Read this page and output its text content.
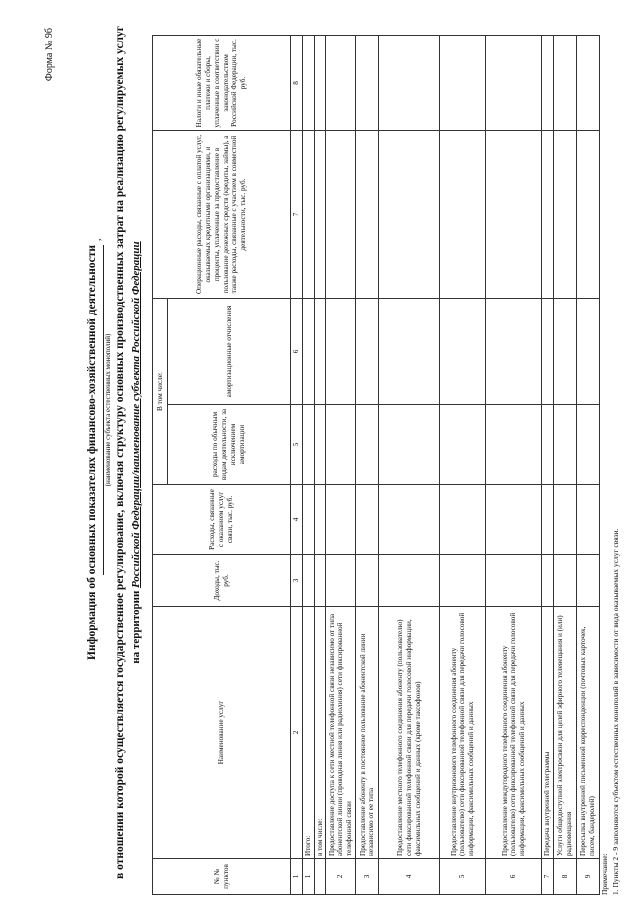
Форма № 9б
Информация об основных показателях финансово-хозяйственной деятельности
,
(наименование субъекта естественных монополий) в отношении которой осуществляется государственное регулирование, включая структуру основных производственных затрат на реализацию регулируемых услуг на территории Российской Федерации/наименование субъекта Российской Федерации
№ № пунктов	Наименование услуг	Доходы, тыс. руб.	Расходы, связанные с оказанием услуг связи, тыс. руб.	В том числе:		Операционные расходы, связанные с оплатой услуг, оказываемых кредитными организациями, и проценты, уплаченные за предоставление в пользование денежных средств (кредиты, займы), а также расходы, связанные с участием в совместной деятельности, тыс. руб.	Налоги и иные обязательные платежи и сборы, уплаченные в соответствии с законодательством Российской Федерации, тыс. руб.
				расходы по обычным видам деятельности, за исключением амортизации	амортизационные отчисления		
1	2	3	4	5	6	7	8
1	Итого:						
	в том числе:						
2	Предоставление доступа к сети местной телефонной связи независимо от типа абонентской линии (проводная линия или радиолиния) сети фиксированной телефонной связи						
3	Предоставление абоненту в постоянное пользование абонентской линии независимо от ее типа						
4	Предоставление местного телефонного соединения абоненту (пользователю) сети фиксированной телефонной связи для передачи голосовой информации, факсимильных сообщений и данных (кроме таксофонов)						
5	Предоставление внутризонового телефонного соединения абоненту (пользователю) сети фиксированной телефонной связи для передачи голосовой информации, факсимильных сообщений и данных						
6	Предоставление междугородного телефонного соединения абоненту (пользователю) сети фиксированной телефонной связи для передачи голосовой информации, факсимильных сообщений и данных						
7	Передача внутренней телеграммы						
8	Услуги общедоступной электросвязи для целей эфирного телевещания и (или) радиовещания						
9	Пересылка внутренней письменной корреспонденции (почтовых карточек, писем, бандеролей)						
Примечание: 1. Пункты 2 - 9 заполняются субъектом естественных монополий в зависимости от вида оказываемых услуг связи.
